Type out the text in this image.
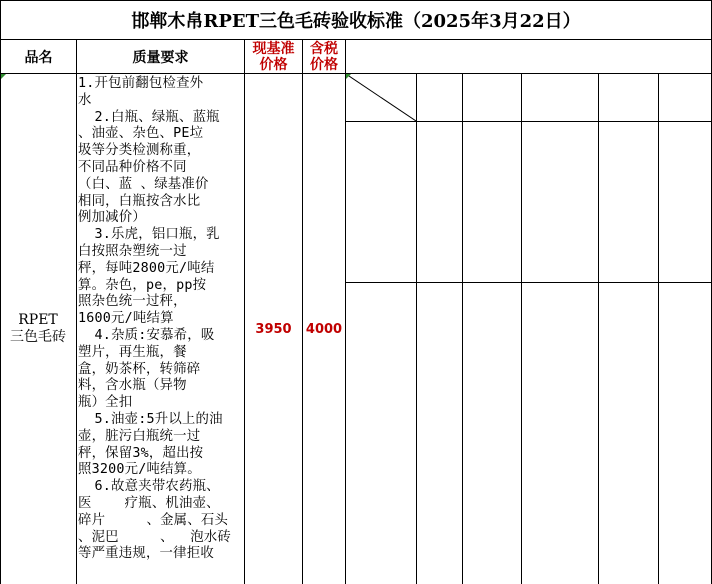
邯郸木帛RPET三色毛砖验收标准（2025年3月22日）
品名	质量要求
现基准
价格
含税
价格
RPET
三色毛砖
1.开包前翻包检查外
水
2.白瓶、绿瓶、蓝瓶
、油壶、杂色、PE垃
圾等分类检测称重，
不同品种价格不同
（白、蓝 、绿基准价
相同，白瓶按含水比
例加减价）
3.乐虎，铝口瓶，乳
白按照杂塑统一过
秤，每吨2800元/吨结
算。杂色，pe，pp按
照杂色统一过秤，
1600元/吨结算
4.杂质:安慕希，吸
塑片，再生瓶，餐
盒，奶茶杯，转筛碎
料，含水瓶（异物
瓶）全扣
5.油壶:5升以上的油
壶，脏污白瓶统一过
秤，保留3%，超出按
照3200元/吨结算。
6.故意夹带农药瓶、
医    疗瓶、机油壶、
碎片     、金属、石头
、泥巴     、  泡水砖
等严重违规，一律拒收
3950	4000
